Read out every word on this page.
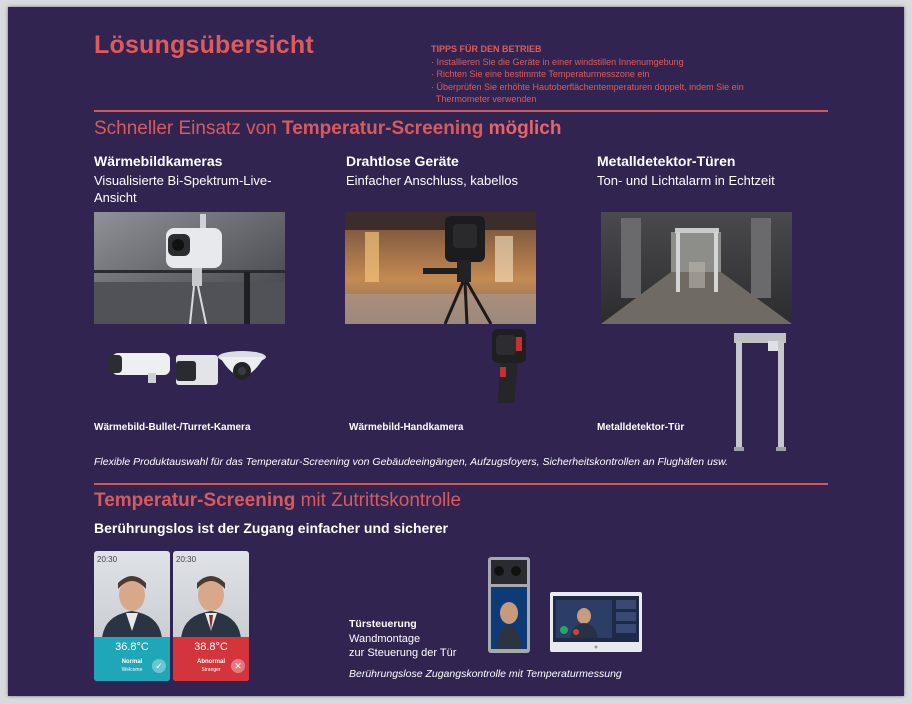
Lösungsübersicht	TIPPS FÜR DEN BETRIEB
· Installieren Sie die Geräte in einer windstillen Innenumgebung
· Richten Sie eine bestimmte Temperaturmesszone ein
· Überprüfen Sie erhöhte Hautoberflächentemperaturen doppelt, indem Sie ein
Thermometer verwenden
Schneller Einsatz von Temperatur-Screening möglich
Wärmebildkameras
Visualisierte Bi-Spektrum-Live-Ansicht
Wärmebild-Bullet-/Turret-Kamera
Drahtlose Geräte
Einfacher Anschluss, kabellos
Wärmebild-Handkamera
Metalldetektor-Türen
Ton- und Lichtalarm in Echtzeit
Metalldetektor-Tür
Flexible Produktauswahl für das Temperatur-Screening von Gebäudeeingängen, Aufzugsfoyers, Sicherheitskontrollen an Flughäfen usw.
Temperatur-Screening mit Zutrittskontrolle
Berührungslos ist der Zugang einfacher und sicherer
20:30
36.8°C
Normal
Welcome	✓
20:30
38.8°C
Abnormal
Stranger	✕
Türsteuerung
Wandmontage
zur Steuerung der Tür
Berührungslose Zugangskontrolle mit Temperaturmessung
